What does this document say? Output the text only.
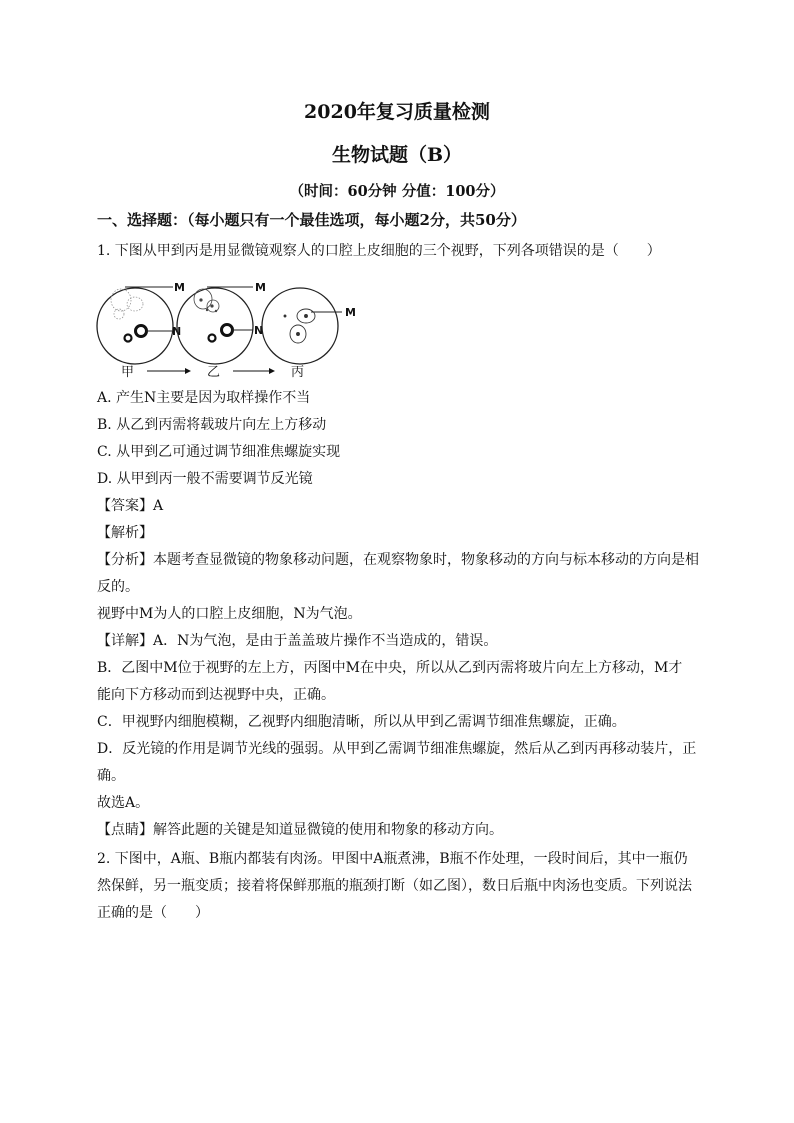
2020年复习质量检测
生物试题（B）
（时间：60分钟 分值：100分）
一、选择题：（每小题只有一个最佳选项，每小题2分，共50分）
1. 下图从甲到丙是用显微镜观察人的口腔上皮细胞的三个视野，下列各项错误的是（　　）
M
N
M
N
M
甲	乙	丙
A. 产生N主要是因为取样操作不当
B. 从乙到丙需将载玻片向左上方移动
C. 从甲到乙可通过调节细准焦螺旋实现
D. 从甲到丙一般不需要调节反光镜
【答案】A
【解析】
【分析】本题考查显微镜的物象移动问题，在观察物象时，物象移动的方向与标本移动的方向是相
反的。
视野中M为人的口腔上皮细胞，N为气泡。
【详解】A．N为气泡，是由于盖盖玻片操作不当造成的，错误。
B．乙图中M位于视野的左上方，丙图中M在中央，所以从乙到丙需将玻片向左上方移动，M才
能向下方移动而到达视野中央，正确。
C．甲视野内细胞模糊，乙视野内细胞清晰，所以从甲到乙需调节细准焦螺旋，正确。
D．反光镜的作用是调节光线的强弱。从甲到乙需调节细准焦螺旋，然后从乙到丙再移动装片，正
确。
故选A。
【点睛】解答此题的关键是知道显微镜的使用和物象的移动方向。
2. 下图中，A瓶、B瓶内都装有肉汤。甲图中A瓶煮沸，B瓶不作处理，一段时间后，其中一瓶仍
然保鲜，另一瓶变质；接着将保鲜那瓶的瓶颈打断（如乙图），数日后瓶中肉汤也变质。下列说法
正确的是（　　）
